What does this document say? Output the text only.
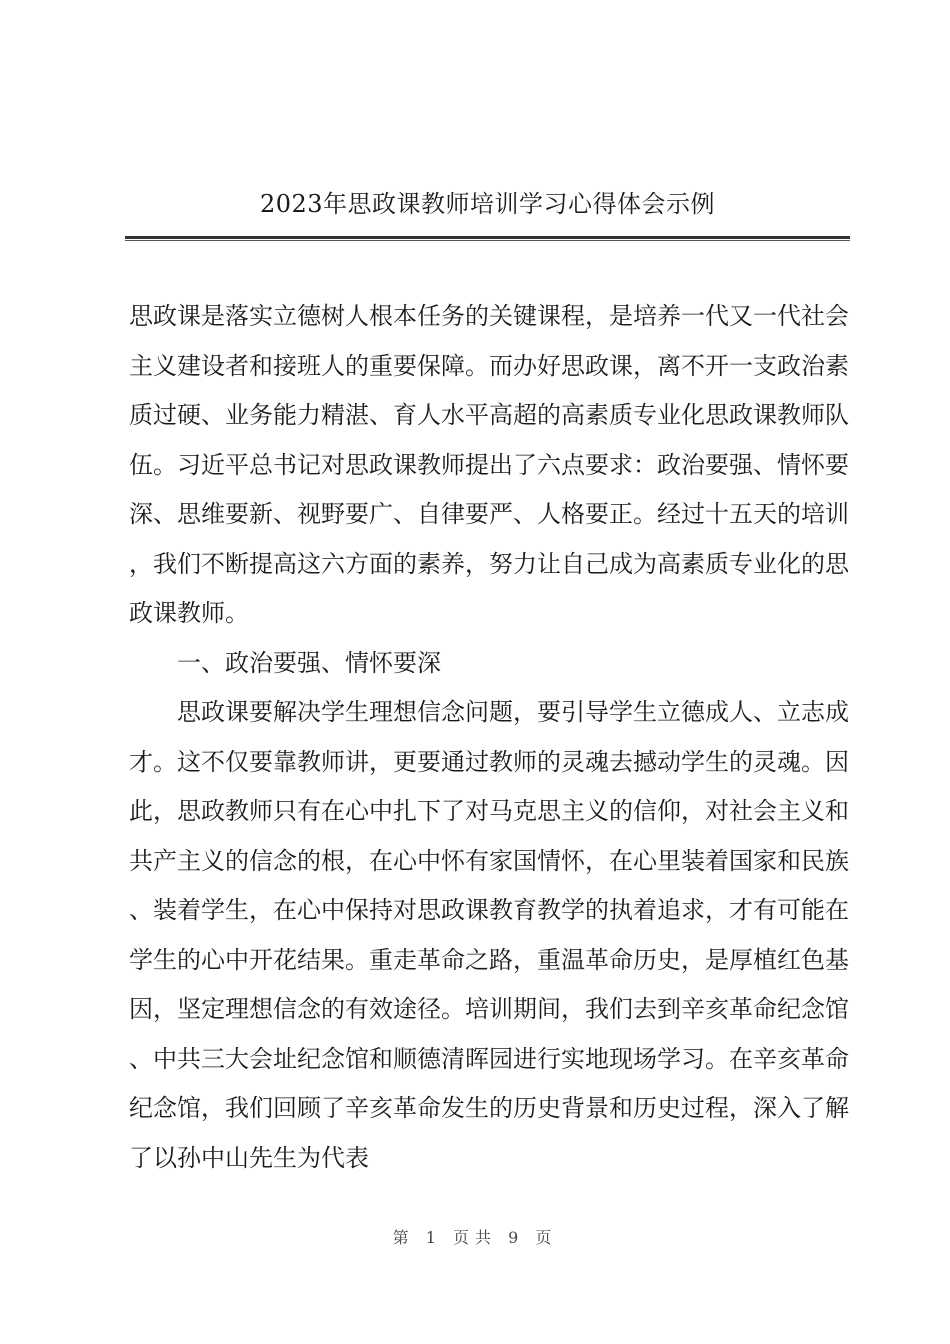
2023年思政课教师培训学习心得体会示例

思政课是落实立德树人根本任务的关键课程，是培养一代又一代社会主义建设者和接班人的重要保障。而办好思政课，离不开一支政治素质过硬、业务能力精湛、育人水平高超的高素质专业化思政课教师队伍。习近平总书记对思政课教师提出了六点要求：政治要强、情怀要深、思维要新、视野要广、自律要严、人格要正。经过十五天的培训，我们不断提高这六方面的素养，努力让自己成为高素质专业化的思政课教师。

一、政治要强、情怀要深

思政课要解决学生理想信念问题，要引导学生立德成人、立志成才。这不仅要靠教师讲，更要通过教师的灵魂去撼动学生的灵魂。因此，思政教师只有在心中扎下了对马克思主义的信仰，对社会主义和共产主义的信念的根，在心中怀有家国情怀，在心里装着国家和民族、装着学生，在心中保持对思政课教育教学的执着追求，才有可能在学生的心中开花结果。重走革命之路，重温革命历史，是厚植红色基因，坚定理想信念的有效途径。培训期间，我们去到辛亥革命纪念馆、中共三大会址纪念馆和顺德清晖园进行实地现场学习。在辛亥革命纪念馆，我们回顾了辛亥革命发生的历史背景和历史过程，深入了解了以孙中山先生为代表

第 1 页共 9 页
